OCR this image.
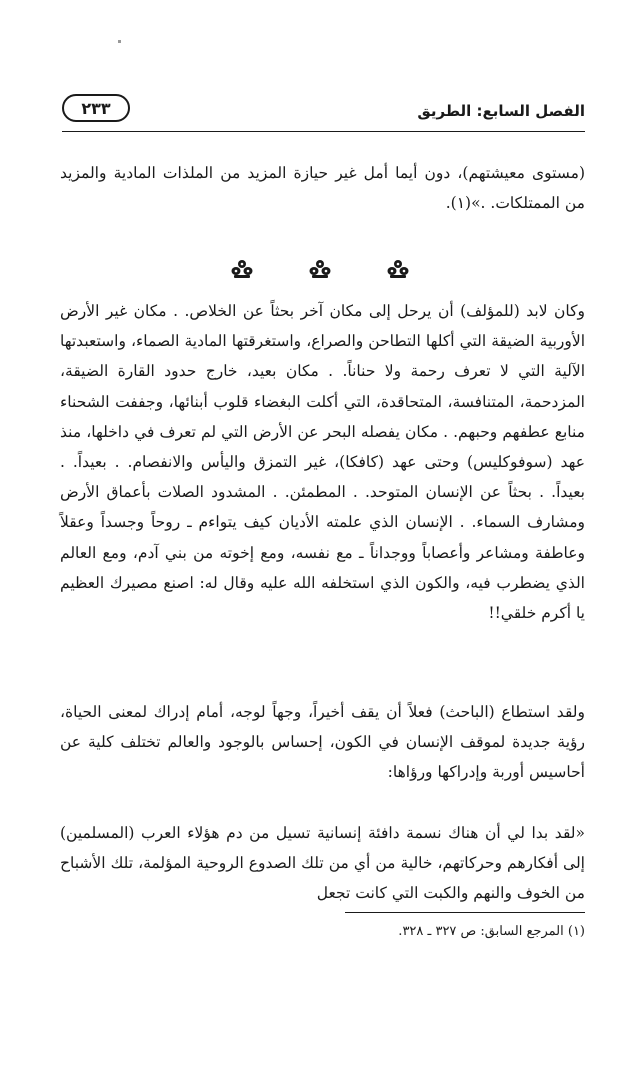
الفصل السابع: الطريق
٢٣٣

(مستوى معيشتهم)، دون أيما أمل غير حيازة المزيد من الملذات المادية والمزيد من الممتلكات. .»(١).

وكان لابد (للمؤلف) أن يرحل إلى مكان آخر بحثاً عن الخلاص. . مكان غير الأرض الأوربية الضيقة التي أكلها التطاحن والصراع، واستغرقتها المادية الصماء، واستعبدتها الآلية التي لا تعرف رحمة ولا حناناً. . مكان بعيد، خارج حدود القارة الضيقة، المزدحمة، المتنافسة، المتحاقدة، التي أكلت البغضاء قلوب أبنائها، وجففت الشحناء منابع عطفهم وحبهم. . مكان يفصله البحر عن الأرض التي لم تعرف في داخلها، منذ عهد (سوفوكليس) وحتى عهد (كافكا)، غير التمزق واليأس والانفصام. . بعيداً. . بعيداً. . بحثاً عن الإنسان المتوحد. . المطمئن. . المشدود الصلات بأعماق الأرض ومشارف السماء. . الإنسان الذي علمته الأديان كيف يتواءم ـ روحاً وجسداً وعقلاً وعاطفة ومشاعر وأعصاباً ووجداناً ـ مع نفسه، ومع إخوته من بني آدم، ومع العالم الذي يضطرب فيه، والكون الذي استخلفه الله عليه وقال له: اصنع مصيرك العظيم يا أكرم خلقي!!

ولقد استطاع (الباحث) فعلاً أن يقف أخيراً، وجهاً لوجه، أمام إدراك لمعنى الحياة، رؤية جديدة لموقف الإنسان في الكون، إحساس بالوجود والعالم تختلف كلية عن أحاسيس أوربة وإدراكها ورؤاها:

«لقد بدا لي أن هناك نسمة دافئة إنسانية تسيل من دم هؤلاء العرب (المسلمين) إلى أفكارهم وحركاتهم، خالية من أي من تلك الصدوع الروحية المؤلمة، تلك الأشباح من الخوف والنهم والكبت التي كانت تجعل

(١) المرجع السابق: ص ٣٢٧ ـ ٣٢٨.
